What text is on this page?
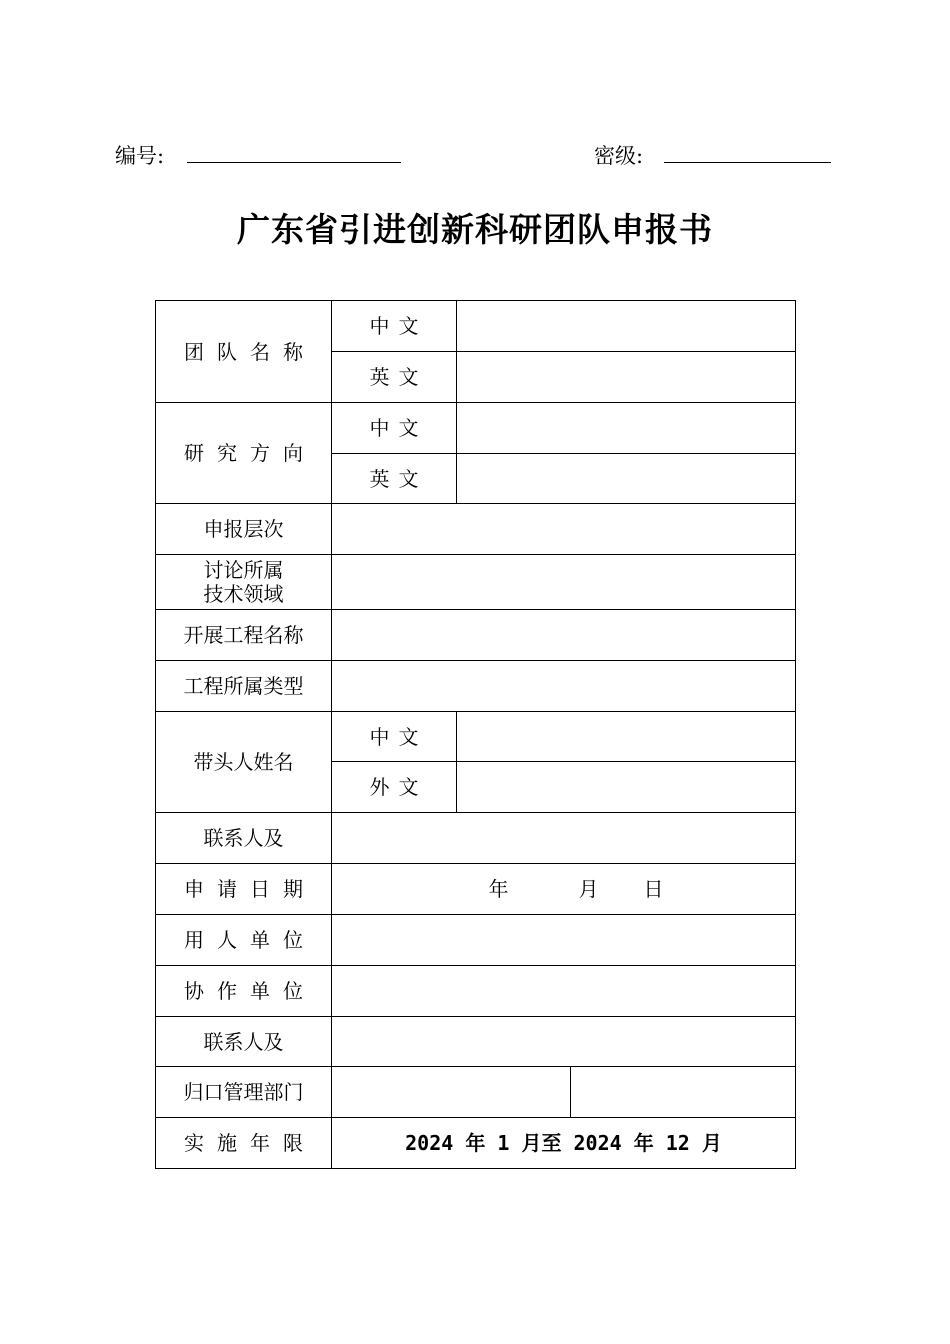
编号:	密级:
广东省引进创新科研团队申报书
团队名称	中文		
	英文		
研究方向	中文		
	英文		
申报层次			

讨论所属
技术领域			

开展工程名称			
工程所属类型			
带头人姓名	中文		
	外文		
联系人及			
申请日期	年 月 日		
用人单位			
协作单位			
联系人及			
归口管理部门			
实施年限	2024 年 1 月至 2024 年 12 月		
